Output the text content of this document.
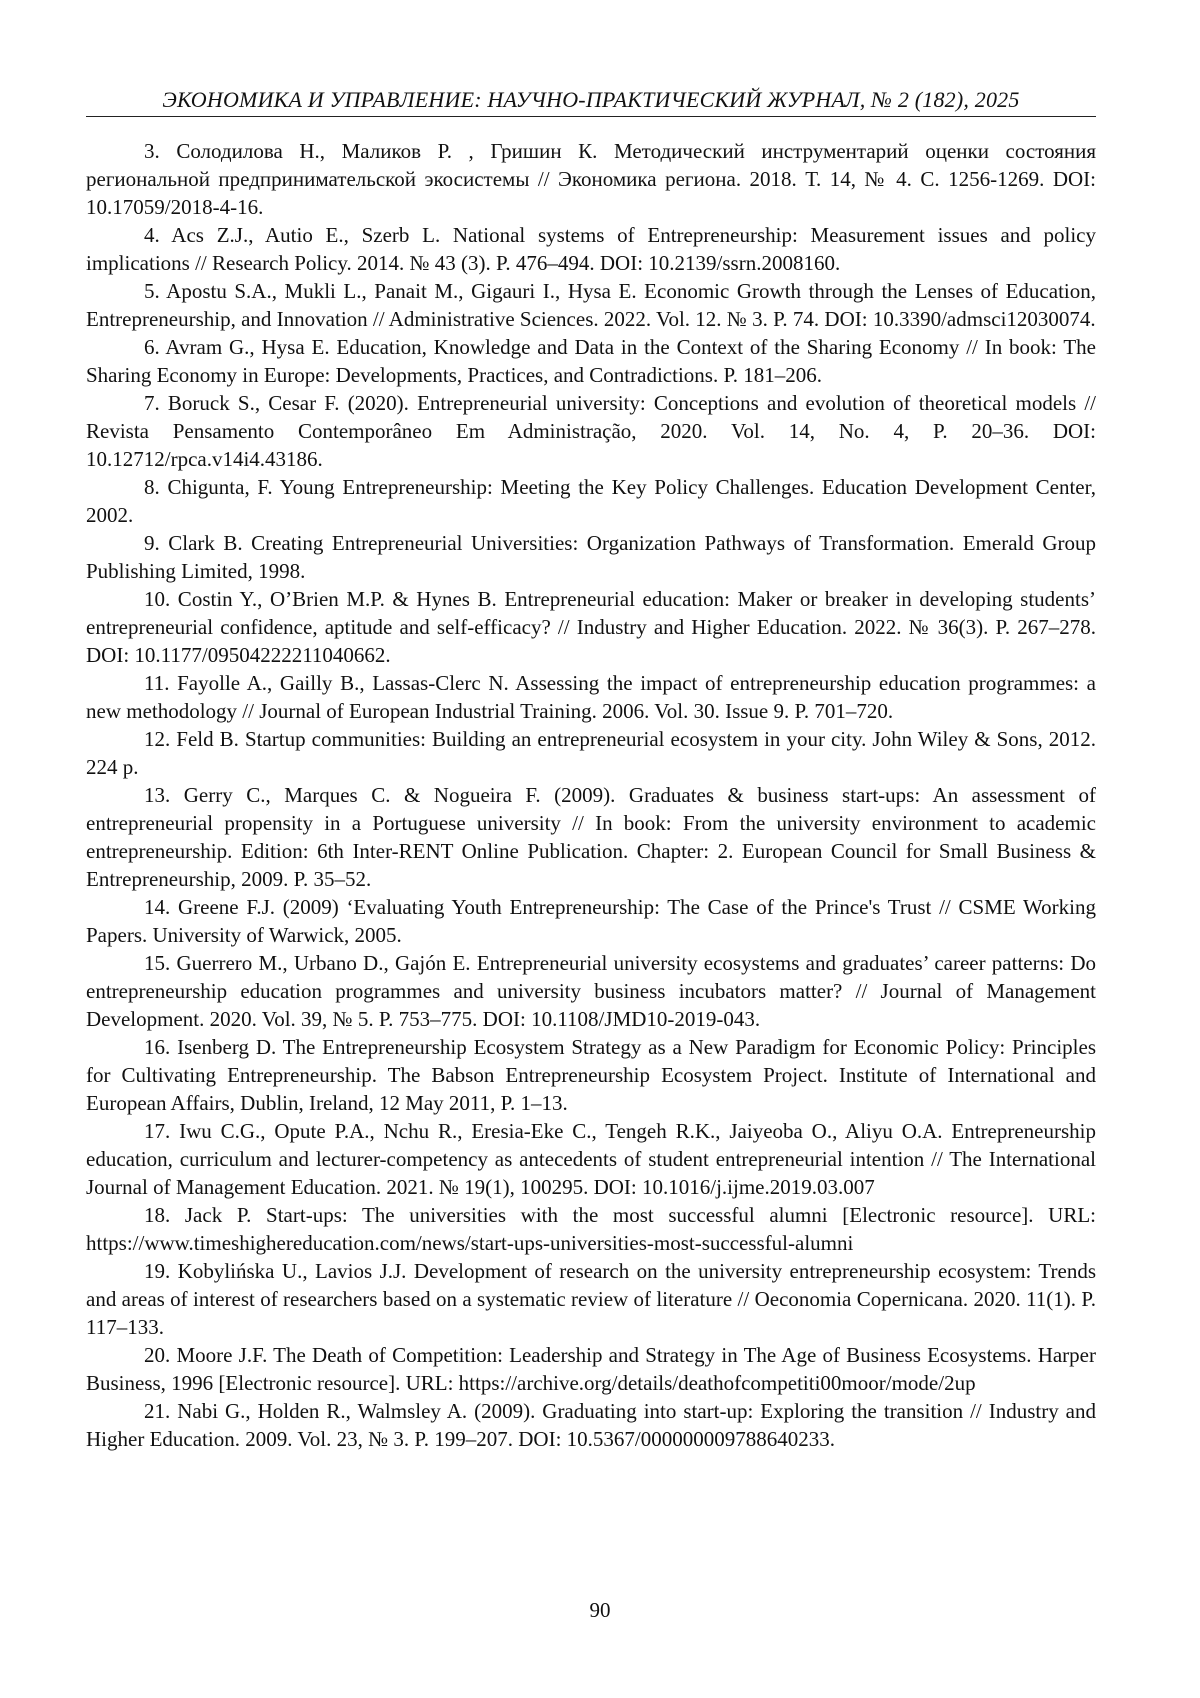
ЭКОНОМИКА И УПРАВЛЕНИЕ: НАУЧНО-ПРАКТИЧЕСКИЙ ЖУРНАЛ, № 2 (182), 2025
3. Солодилова Н., Маликов Р. , Гришин К. Методический инструментарий оценки состояния региональной предпринимательской экосистемы // Экономика региона. 2018. Т. 14, № 4. С. 1256-1269. DOI: 10.17059/2018-4-16.
4. Acs Z.J., Autio E., Szerb L. National systems of Entrepreneurship: Measurement issues and policy implications // Research Policy. 2014. № 43 (3). P. 476–494. DOI: 10.2139/ssrn.2008160.
5. Apostu S.A., Mukli L., Panait M., Gigauri I., Hysa E. Economic Growth through the Lenses of Education, Entrepreneurship, and Innovation // Administrative Sciences. 2022. Vol. 12. № 3. P. 74. DOI: 10.3390/admsci12030074.
6. Avram G., Hysa E. Education, Knowledge and Data in the Context of the Sharing Economy // In book: The Sharing Economy in Europe: Developments, Practices, and Contradictions. P. 181–206.
7. Boruck S., Cesar F. (2020). Entrepreneurial university: Conceptions and evolution of theoretical models // Revista Pensamento Contemporâneo Em Administração, 2020. Vol. 14, No. 4, P. 20–36. DOI: 10.12712/rpca.v14i4.43186.
8. Chigunta, F. Young Entrepreneurship: Meeting the Key Policy Challenges. Education Development Center, 2002.
9. Clark B. Creating Entrepreneurial Universities: Organization Pathways of Transformation. Emerald Group Publishing Limited, 1998.
10. Costin Y., O’Brien M.P. & Hynes B. Entrepreneurial education: Maker or breaker in developing students’ entrepreneurial confidence, aptitude and self-efficacy? // Industry and Higher Education. 2022. № 36(3). P. 267–278. DOI: 10.1177/09504222211040662.
11. Fayolle A., Gailly B., Lassas-Clerc N. Assessing the impact of entrepreneurship education programmes: a new methodology // Journal of European Industrial Training. 2006. Vol. 30. Issue 9. P. 701–720.
12. Feld B. Startup communities: Building an entrepreneurial ecosystem in your city. John Wiley & Sons, 2012. 224 p.
13. Gerry C., Marques C. & Nogueira F. (2009). Graduates & business start-ups: An assessment of entrepreneurial propensity in a Portuguese university // In book: From the university environment to academic entrepreneurship. Edition: 6th Inter-RENT Online Publication. Chapter: 2. European Council for Small Business & Entrepreneurship, 2009. P. 35–52.
14. Greene F.J. (2009) ‘Evaluating Youth Entrepreneurship: The Case of the Prince's Trust // CSME Working Papers. University of Warwick, 2005.
15. Guerrero M., Urbano D., Gajón E. Entrepreneurial university ecosystems and graduates’ career patterns: Do entrepreneurship education programmes and university business incubators matter? // Journal of Management Development. 2020. Vol. 39, № 5. P. 753–775. DOI: 10.1108/JMD10-2019-043.
16. Isenberg D. The Entrepreneurship Ecosystem Strategy as a New Paradigm for Economic Policy: Principles for Cultivating Entrepreneurship. The Babson Entrepreneurship Ecosystem Project. Institute of International and European Affairs, Dublin, Ireland, 12 May 2011, P. 1–13.
17. Iwu C.G., Opute P.A., Nchu R., Eresia-Eke C., Tengeh R.K., Jaiyeoba O., Aliyu O.A. Entrepreneurship education, curriculum and lecturer-competency as antecedents of student entrepreneurial intention // The International Journal of Management Education. 2021. № 19(1), 100295. DOI: 10.1016/j.ijme.2019.03.007
18. Jack P. Start-ups: The universities with the most successful alumni [Electronic resource]. URL: https://www.timeshighereducation.com/news/start-ups-universities-most-successful-alumni
19. Kobylińska U., Lavios J.J. Development of research on the university entrepreneurship ecosystem: Trends and areas of interest of researchers based on a systematic review of literature // Oeconomia Copernicana. 2020. 11(1). P. 117–133.
20. Moore J.F. The Death of Competition: Leadership and Strategy in The Age of Business Ecosystems. Harper Business, 1996 [Electronic resource]. URL: https://archive.org/details/deathofcompetiti00moor/mode/2up
21. Nabi G., Holden R., Walmsley A. (2009). Graduating into start-up: Exploring the transition // Industry and Higher Education. 2009. Vol. 23, № 3. P. 199–207. DOI: 10.5367/000000009788640233.
90
